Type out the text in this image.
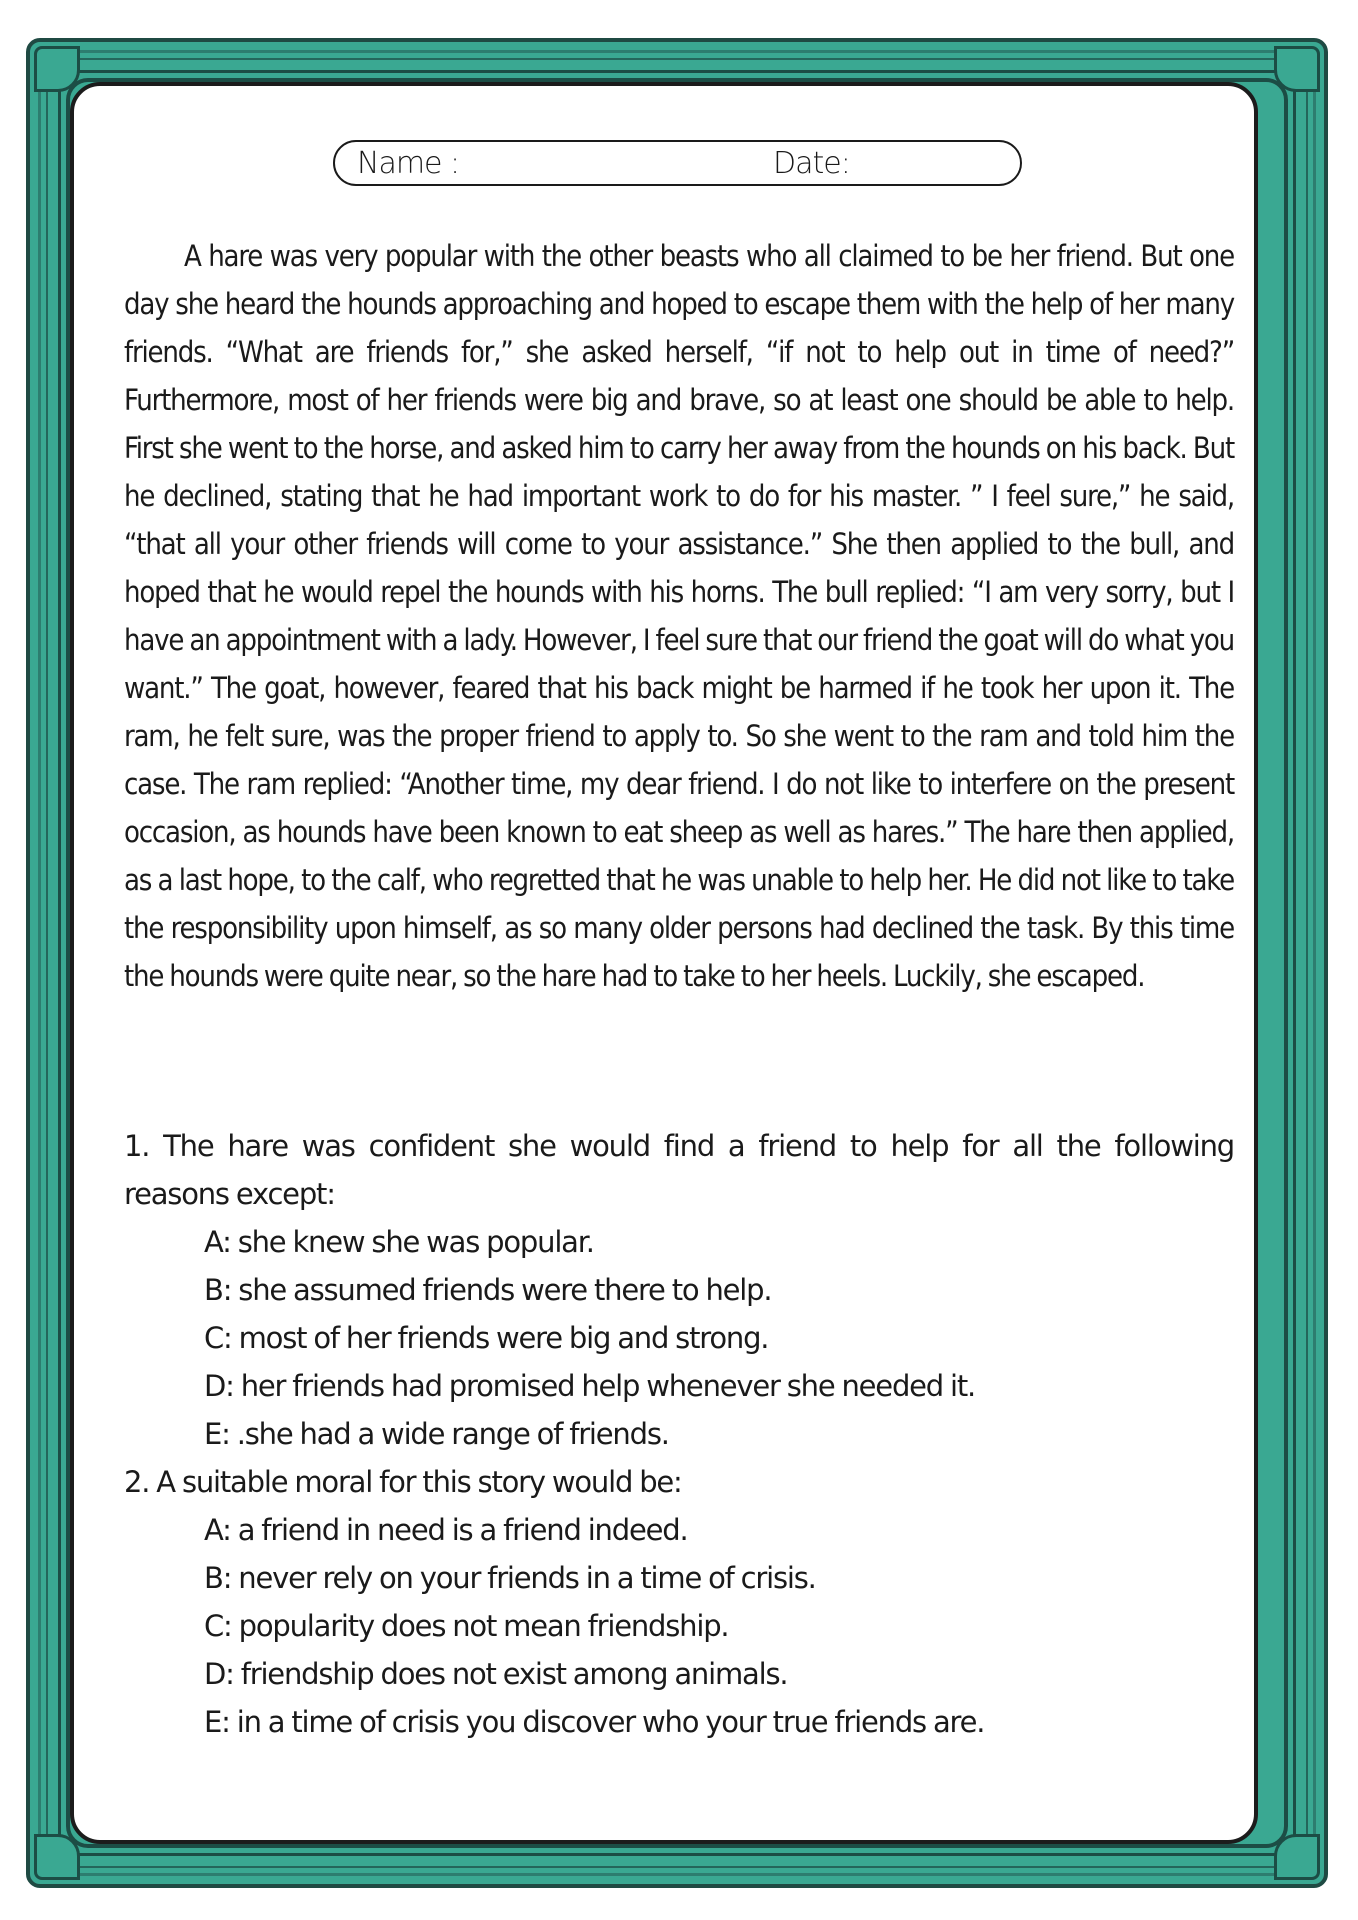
Name :	Date:

A hare was very popular with the other beasts who all claimed to be her friend. But one day she heard the hounds approaching and hoped to escape them with the help of her many friends. “What are friends for,” she asked herself, “if not to help out in time of need?” Furthermore, most of her friends were big and brave, so at least one should be able to help. First she went to the horse, and asked him to carry her away from the hounds on his back. But he declined, stating that he had important work to do for his master. ” I feel sure,” he said, “that all your other friends will come to your assistance.” She then applied to the bull, and hoped that he would repel the hounds with his horns. The bull replied: “I am very sorry, but I have an appointment with a lady. However, I feel sure that our friend the goat will do what you want.” The goat, however, feared that his back might be harmed if he took her upon it. The ram, he felt sure, was the proper friend to apply to. So she went to the ram and told him the case. The ram replied: “Another time, my dear friend. I do not like to interfere on the present occasion, as hounds have been known to eat sheep as well as hares.” The hare then applied, as a last hope, to the calf, who regretted that he was unable to help her. He did not like to take the responsibility upon himself, as so many older persons had declined the task. By this time the hounds were quite near, so the hare had to take to her heels. Luckily, she escaped.

1. The hare was confident she would find a friend to help for all the following reasons except:

A: she knew she was popular.

B: she assumed friends were there to help.

C: most of her friends were big and strong.

D: her friends had promised help whenever she needed it.

E: .she had a wide range of friends.

2. A suitable moral for this story would be:

A: a friend in need is a friend indeed.

B: never rely on your friends in a time of crisis.

C: popularity does not mean friendship.

D: friendship does not exist among animals.

E: in a time of crisis you discover who your true friends are.
